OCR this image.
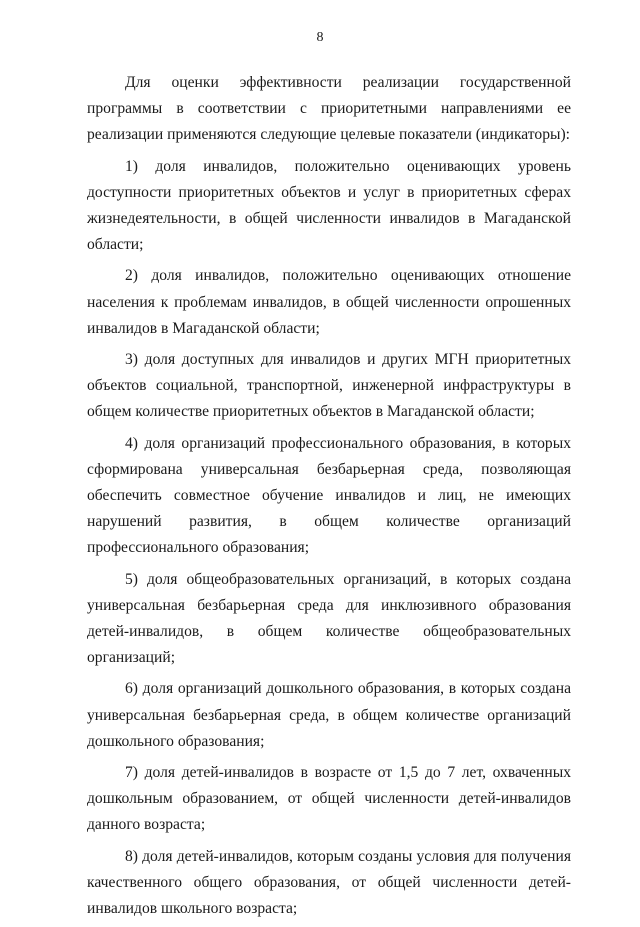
8

Для оценки эффективности реализации государственной программы в соответствии с приоритетными направлениями ее реализации применяются следующие целевые показатели (индикаторы):

1) доля инвалидов, положительно оценивающих уровень доступности приоритетных объектов и услуг в приоритетных сферах жизнедеятельности, в общей численности инвалидов в Магаданской области;

2) доля инвалидов, положительно оценивающих отношение населения к проблемам инвалидов, в общей численности опрошенных инвалидов в Магаданской области;

3) доля доступных для инвалидов и других МГН приоритетных объектов социальной, транспортной, инженерной инфраструктуры в общем количестве приоритетных объектов в Магаданской области;

4) доля организаций профессионального образования, в которых сформирована универсальная безбарьерная среда, позволяющая обеспечить совместное обучение инвалидов и лиц, не имеющих нарушений развития, в общем количестве организаций профессионального образования;

5) доля общеобразовательных организаций, в которых создана универсальная безбарьерная среда для инклюзивного образования детей-инвалидов, в общем количестве общеобразовательных организаций;

6) доля организаций дошкольного образования, в которых создана универсальная безбарьерная среда, в общем количестве организаций дошкольного образования;

7) доля детей-инвалидов в возрасте от 1,5 до 7 лет, охваченных дошкольным образованием, от общей численности детей-инвалидов данного возраста;

8) доля детей-инвалидов, которым созданы условия для получения качественного общего образования, от общей численности детей-инвалидов школьного возраста;
